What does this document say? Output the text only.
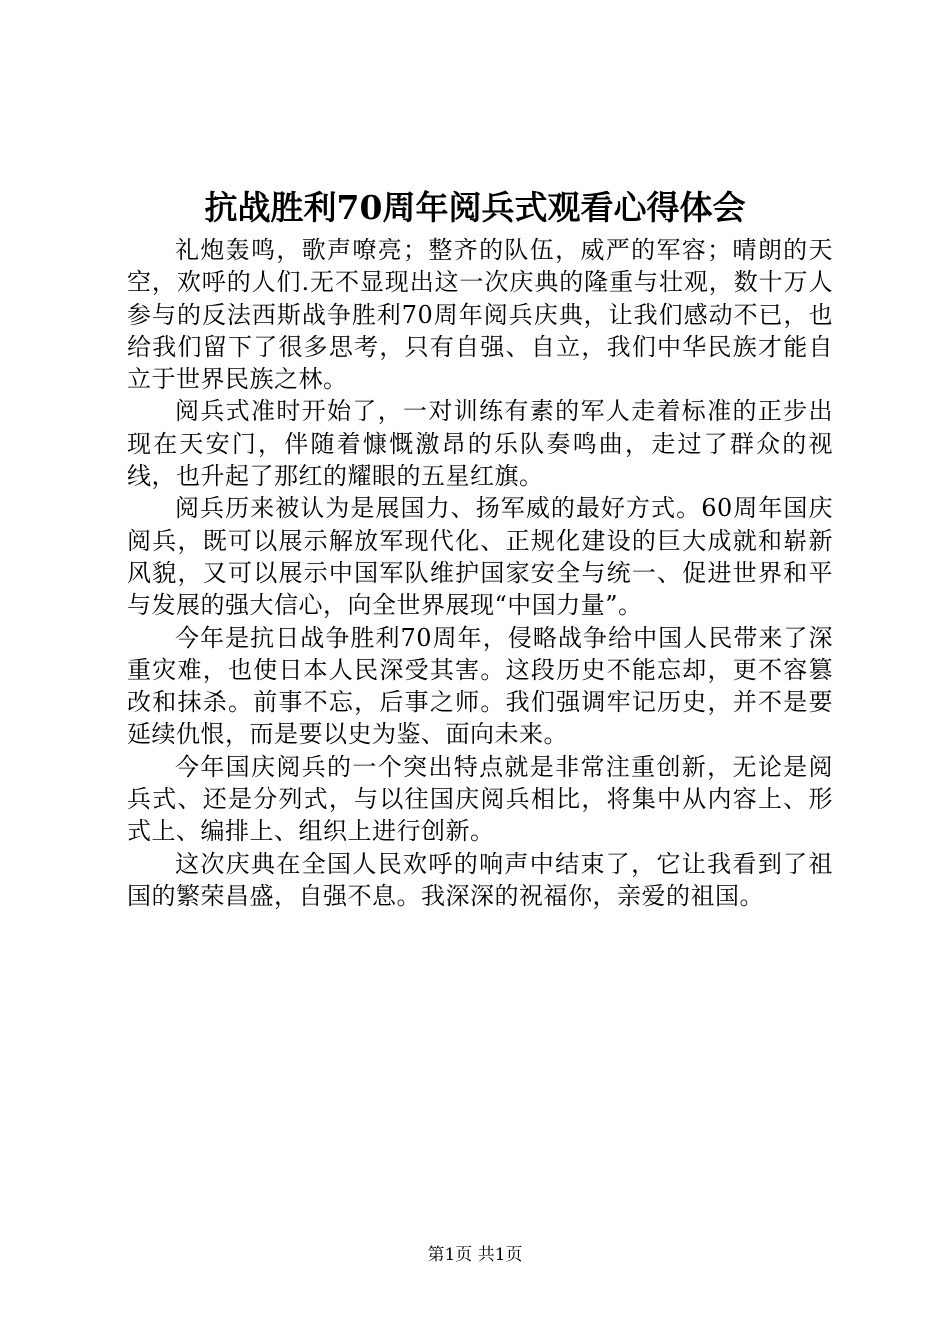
抗战胜利70周年阅兵式观看心得体会

礼炮轰鸣，歌声嘹亮；整齐的队伍，威严的军容；晴朗的天空，欢呼的人们.无不显现出这一次庆典的隆重与壮观，数十万人参与的反法西斯战争胜利70周年阅兵庆典，让我们感动不已，也给我们留下了很多思考，只有自强、自立，我们中华民族才能自立于世界民族之林。

阅兵式准时开始了，一对训练有素的军人走着标准的正步出现在天安门，伴随着慷慨激昂的乐队奏鸣曲，走过了群众的视线，也升起了那红的耀眼的五星红旗。

阅兵历来被认为是展国力、扬军威的最好方式。60周年国庆阅兵，既可以展示解放军现代化、正规化建设的巨大成就和崭新风貌，又可以展示中国军队维护国家安全与统一、促进世界和平与发展的强大信心，向全世界展现“中国力量”。

今年是抗日战争胜利70周年，侵略战争给中国人民带来了深重灾难，也使日本人民深受其害。这段历史不能忘却，更不容篡改和抹杀。前事不忘，后事之师。我们强调牢记历史，并不是要延续仇恨，而是要以史为鉴、面向未来。

今年国庆阅兵的一个突出特点就是非常注重创新，无论是阅兵式、还是分列式，与以往国庆阅兵相比，将集中从内容上、形式上、编排上、组织上进行创新。

这次庆典在全国人民欢呼的响声中结束了，它让我看到了祖国的繁荣昌盛，自强不息。我深深的祝福你，亲爱的祖国。

第1页 共1页
